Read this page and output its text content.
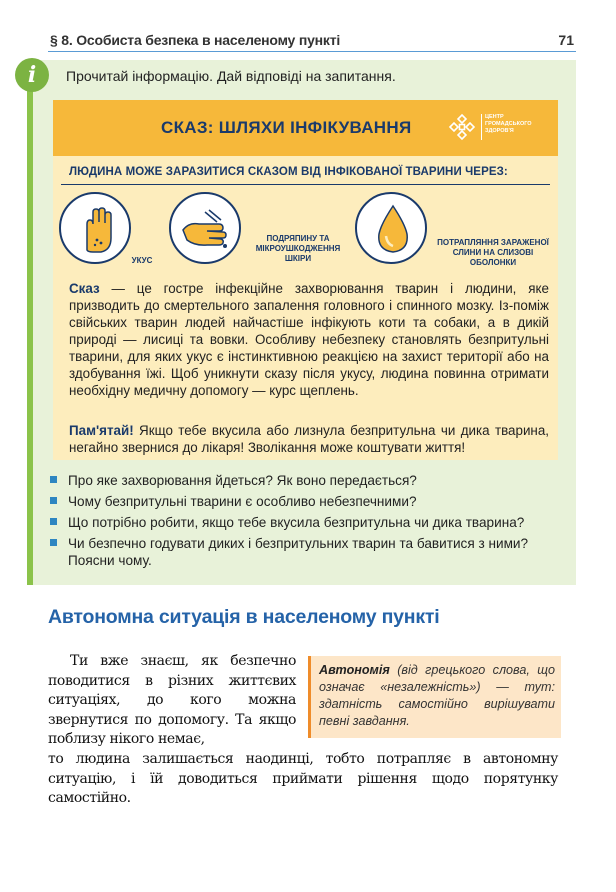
§ 8. Особиста безпека в населеному пункті	71
i	Прочитай інформацію. Дай відповіді на запитання.
СКАЗ: ШЛЯХИ ІНФІКУВАННЯ
ЦЕНТР ГРОМАДСЬКОГО ЗДОРОВ'Я
ЛЮДИНА МОЖЕ ЗАРАЗИТИСЯ СКАЗОМ ВІД ІНФІКОВАНОЇ ТВАРИНИ ЧЕРЕЗ:
УКУС
ПОДРЯПИНУ ТА МІКРОУШКОДЖЕННЯ ШКІРИ
ПОТРАПЛЯННЯ ЗАРАЖЕНОЇ СЛИНИ НА СЛИЗОВІ ОБОЛОНКИ
Сказ — це гостре інфекційне захворювання тварин і людини, яке призводить до смертельного запалення головного і спинного мозку. Із-поміж свійських тварин людей найчастіше інфікують коти та собаки, а в дикій природі — лисиці та вовки. Особливу небезпеку становлять безпритульні тварини, для яких укус є інстинктивною реакцією на захист території або на здобування їжі. Щоб уникнути сказу після укусу, людина повинна отримати необхідну медичну допомогу — курс щеплень.
Пам'ятай! Якщо тебе вкусила або лизнула безпритульна чи дика тварина, негайно звернися до лікаря! Зволікання може коштувати життя!
Про яке захворювання йдеться? Як воно передається?
Чому безпритульні тварини є особливо небезпечними?
Що потрібно робити, якщо тебе вкусила безпритульна чи дика тварина?
Чи безпечно годувати диких і безпритульних тварин та бавитися з ними? Поясни чому.
Автономна ситуація в населеному пункті
Ти вже знаєш, як безпечно поводитися в різних життєвих ситуаціях, до кого можна звернутися по допомогу. Та якщо поблизу нікого немає,
Автономія (від грецького слова, що означає «незалежність») — тут: здатність самостійно вирішувати певні завдання.
то людина залишається наодинці, тобто потрапляє в автономну ситуацію, і їй доводиться приймати рішення щодо порятунку самостійно.
